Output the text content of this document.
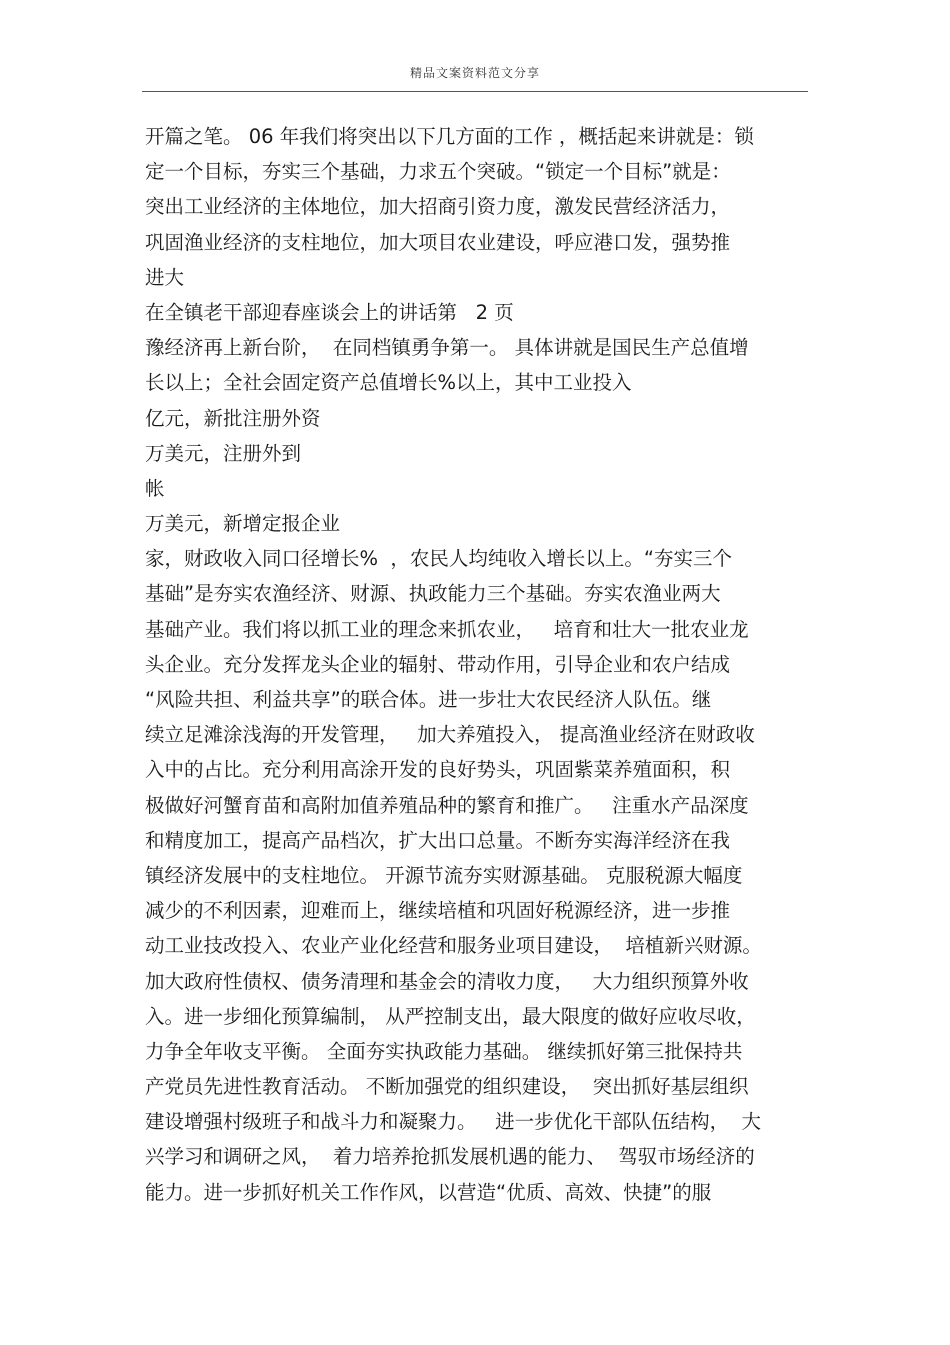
精品文案资料范文分享
开篇之笔。 06 年我们将突出以下几方面的工作 ，概括起来讲就是：锁
定一个目标，夯实三个基础，力求五个突破。“锁定一个目标”就是：
突出工业经济的主体地位，加大招商引资力度，激发民营经济活力，
巩固渔业经济的支柱地位，加大项目农业建设，呼应港口发，强势推
进大
在全镇老干部迎春座谈会上的讲话第   2 页
豫经济再上新台阶，  在同档镇勇争第一。 具体讲就是国民生产总值增
长以上；全社会固定资产总值增长%以上，其中工业投入
亿元，新批注册外资
万美元，注册外到
帐
万美元，新增定报企业
家，财政收入同口径增长%  ，农民人均纯收入增长以上。“夯实三个
基础”是夯实农渔经济、财源、执政能力三个基础。夯实农渔业两大
基础产业。我们将以抓工业的理念来抓农业，   培育和壮大一批农业龙
头企业。充分发挥龙头企业的辐射、带动作用，引导企业和农户结成
“风险共担、利益共享”的联合体。进一步壮大农民经济人队伍。继
续立足滩涂浅海的开发管理，   加大养殖投入， 提高渔业经济在财政收
入中的占比。充分利用高涂开发的良好势头，巩固紫菜养殖面积，积
极做好河蟹育苗和高附加值养殖品种的繁育和推广。   注重水产品深度
和精度加工，提高产品档次，扩大出口总量。不断夯实海洋经济在我
镇经济发展中的支柱地位。 开源节流夯实财源基础。 克服税源大幅度
减少的不利因素，迎难而上，继续培植和巩固好税源经济，进一步推
动工业技改投入、农业产业化经营和服务业项目建设，  培植新兴财源。
加大政府性债权、债务清理和基金会的清收力度，   大力组织预算外收
入。进一步细化预算编制， 从严控制支出，最大限度的做好应收尽收，
力争全年收支平衡。 全面夯实执政能力基础。 继续抓好第三批保持共
产党员先进性教育活动。 不断加强党的组织建设，  突出抓好基层组织
建设增强村级班子和战斗力和凝聚力。   进一步优化干部队伍结构，  大
兴学习和调研之风，  着力培养抢抓发展机遇的能力、  驾驭市场经济的
能力。进一步抓好机关工作作风，以营造“优质、高效、快捷”的服
